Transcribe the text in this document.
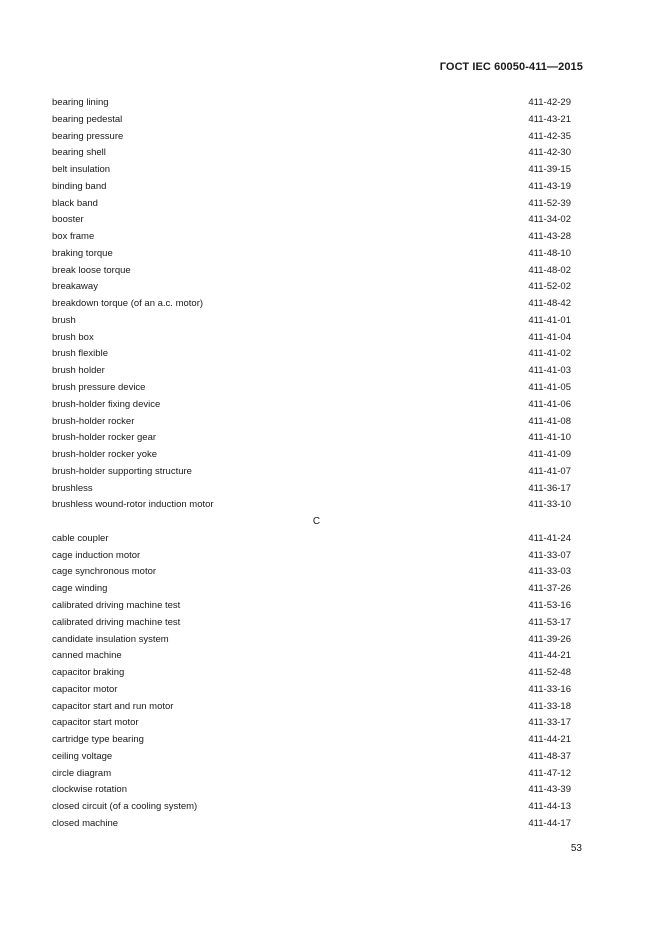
ГОСТ IEC 60050-411—2015
bearing lining	411-42-29
bearing pedestal	411-43-21
bearing pressure	411-42-35
bearing shell	411-42-30
belt insulation	411-39-15
binding band	411-43-19
black band	411-52-39
booster	411-34-02
box frame	411-43-28
braking torque	411-48-10
break loose torque	411-48-02
breakaway	411-52-02
breakdown torque (of an a.c. motor)	411-48-42
brush	411-41-01
brush box	411-41-04
brush flexible	411-41-02
brush holder	411-41-03
brush pressure device	411-41-05
brush-holder fixing device	411-41-06
brush-holder rocker	411-41-08
brush-holder rocker gear	411-41-10
brush-holder rocker yoke	411-41-09
brush-holder supporting structure	411-41-07
brushless	411-36-17
brushless wound-rotor induction motor	411-33-10
C
cable coupler	411-41-24
cage induction motor	411-33-07
cage synchronous motor	411-33-03
cage winding	411-37-26
calibrated driving machine test	411-53-16
calibrated driving machine test	411-53-17
candidate insulation system	411-39-26
canned machine	411-44-21
capacitor braking	411-52-48
capacitor motor	411-33-16
capacitor start and run motor	411-33-18
capacitor start motor	411-33-17
cartridge type bearing	411-44-21
ceiling voltage	411-48-37
circle diagram	411-47-12
clockwise rotation	411-43-39
closed circuit (of a cooling system)	411-44-13
closed machine	411-44-17
53
